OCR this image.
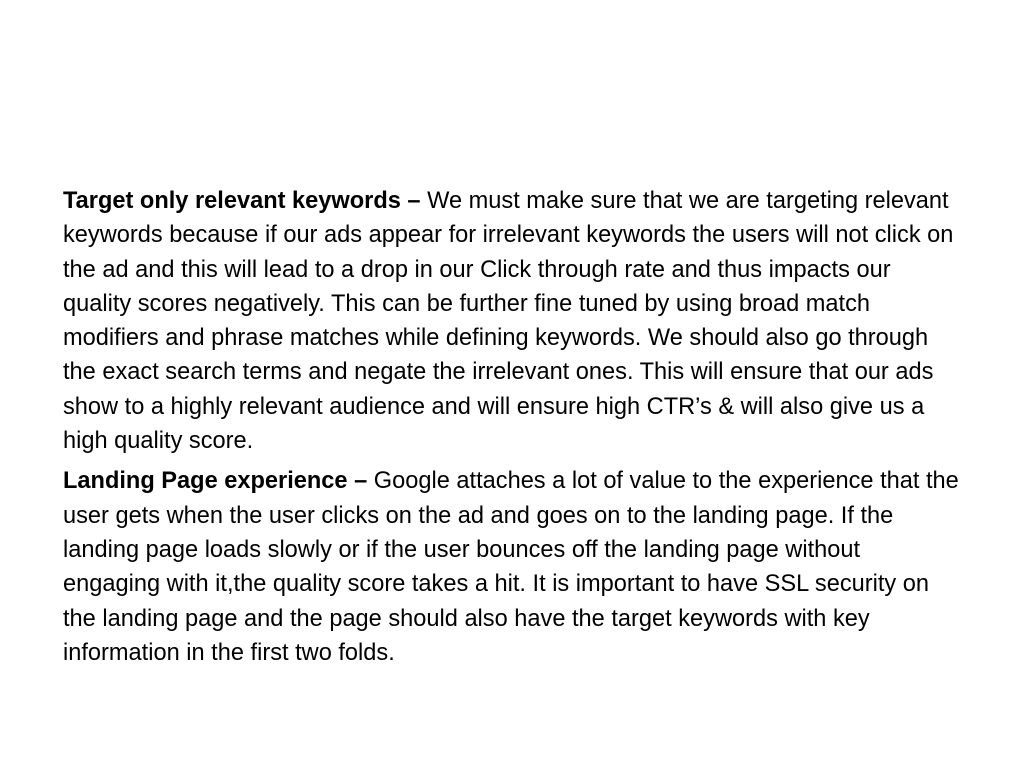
Target only relevant keywords – We must make sure that we are targeting relevant keywords because if our ads appear for irrelevant keywords the users will not click on the ad and this will lead to a drop in our Click through rate and thus impacts our quality scores negatively. This can be further fine tuned by using broad match modifiers and phrase matches while defining keywords. We should also go through the exact search terms and negate the irrelevant ones. This will ensure that our ads show to a highly relevant audience and will ensure high CTR’s & will also give us a high quality score.

Landing Page experience – Google attaches a lot of value to the experience that the user gets when the user clicks on the ad and goes on to the landing page. If the landing page loads slowly or if the user bounces off the landing page without engaging with it,the quality score takes a hit. It is important to have SSL security on the landing page and the page should also have the target keywords with key information in the first two folds.
